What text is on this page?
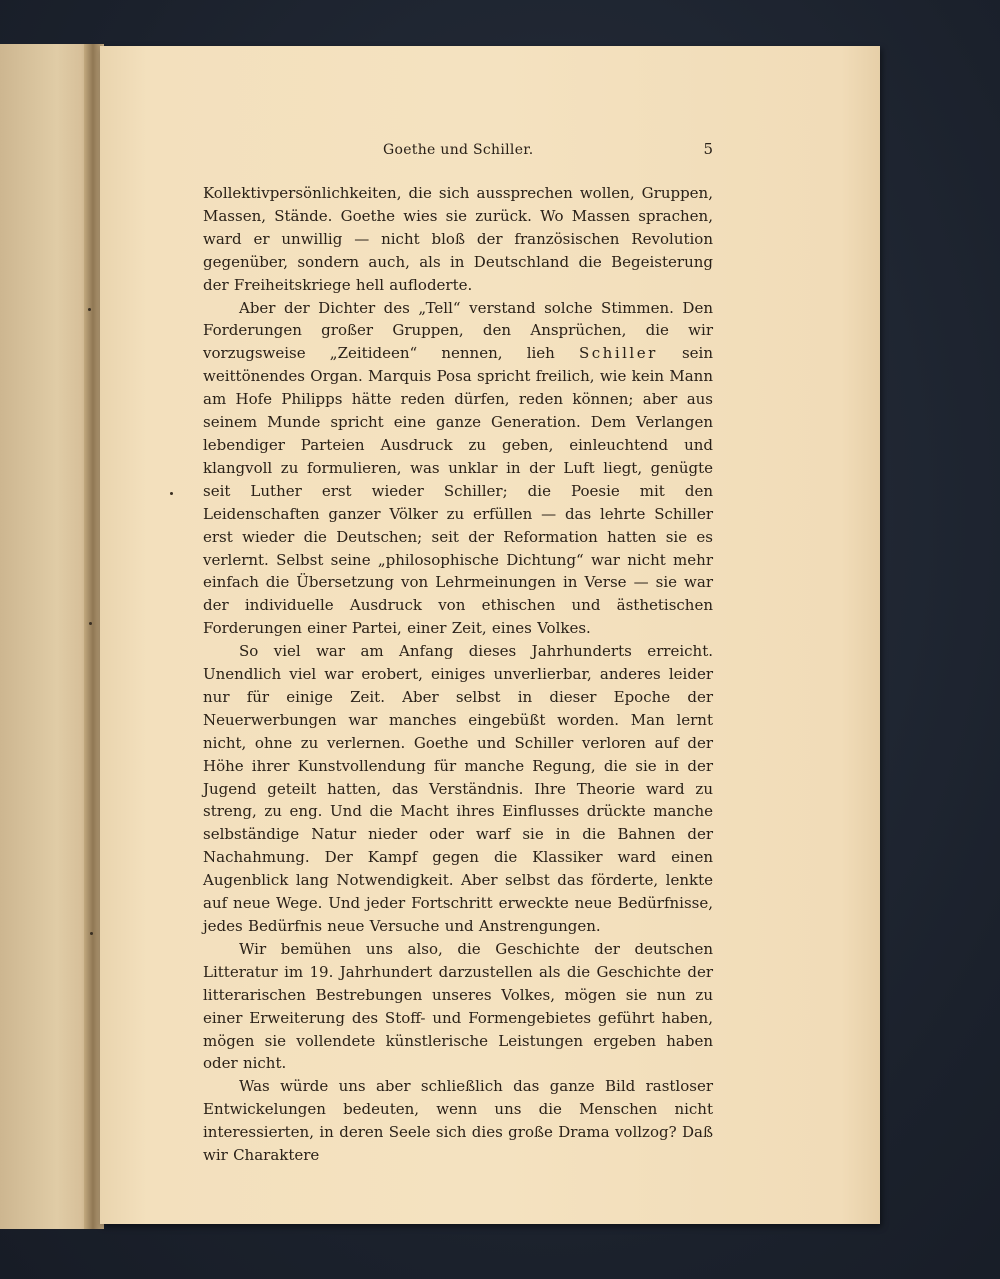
Goethe und Schiller.	5

Kollektivpersönlichkeiten, die sich aussprechen wollen, Gruppen, Massen, Stände. Goethe wies sie zurück. Wo Massen sprachen, ward er unwillig — nicht bloß der französischen Revolution gegenüber, sondern auch, als in Deutschland die Begeisterung der Freiheitskriege hell aufloderte.

Aber der Dichter des „Tell“ verstand solche Stimmen. Den Forderungen großer Gruppen, den Ansprüchen, die wir vorzugsweise „Zeitideen“ nennen, lieh Schiller sein weittönendes Organ. Marquis Posa spricht freilich, wie kein Mann am Hofe Philipps hätte reden dürfen, reden können; aber aus seinem Munde spricht eine ganze Generation. Dem Verlangen lebendiger Parteien Ausdruck zu geben, einleuchtend und klangvoll zu formulieren, was unklar in der Luft liegt, genügte seit Luther erst wieder Schiller; die Poesie mit den Leidenschaften ganzer Völker zu erfüllen — das lehrte Schiller erst wieder die Deutschen; seit der Reformation hatten sie es verlernt. Selbst seine „philosophische Dichtung“ war nicht mehr einfach die Übersetzung von Lehrmeinungen in Verse — sie war der individuelle Ausdruck von ethischen und ästhetischen Forderungen einer Partei, einer Zeit, eines Volkes.

So viel war am Anfang dieses Jahrhunderts erreicht. Unendlich viel war erobert, einiges unverlierbar, anderes leider nur für einige Zeit. Aber selbst in dieser Epoche der Neuerwerbungen war manches eingebüßt worden. Man lernt nicht, ohne zu verlernen. Goethe und Schiller verloren auf der Höhe ihrer Kunstvollendung für manche Regung, die sie in der Jugend geteilt hatten, das Verständnis. Ihre Theorie ward zu streng, zu eng. Und die Macht ihres Einflusses drückte manche selbständige Natur nieder oder warf sie in die Bahnen der Nachahmung. Der Kampf gegen die Klassiker ward einen Augenblick lang Notwendigkeit. Aber selbst das förderte, lenkte auf neue Wege. Und jeder Fortschritt erweckte neue Bedürfnisse, jedes Bedürfnis neue Versuche und Anstrengungen.

Wir bemühen uns also, die Geschichte der deutschen Litteratur im 19. Jahrhundert darzustellen als die Geschichte der litterarischen Bestrebungen unseres Volkes, mögen sie nun zu einer Erweiterung des Stoff- und Formengebietes geführt haben, mögen sie vollendete künstlerische Leistungen ergeben haben oder nicht.

Was würde uns aber schließlich das ganze Bild rastloser Entwickelungen bedeuten, wenn uns die Menschen nicht interessierten, in deren Seele sich dies große Drama vollzog? Daß wir Charaktere
